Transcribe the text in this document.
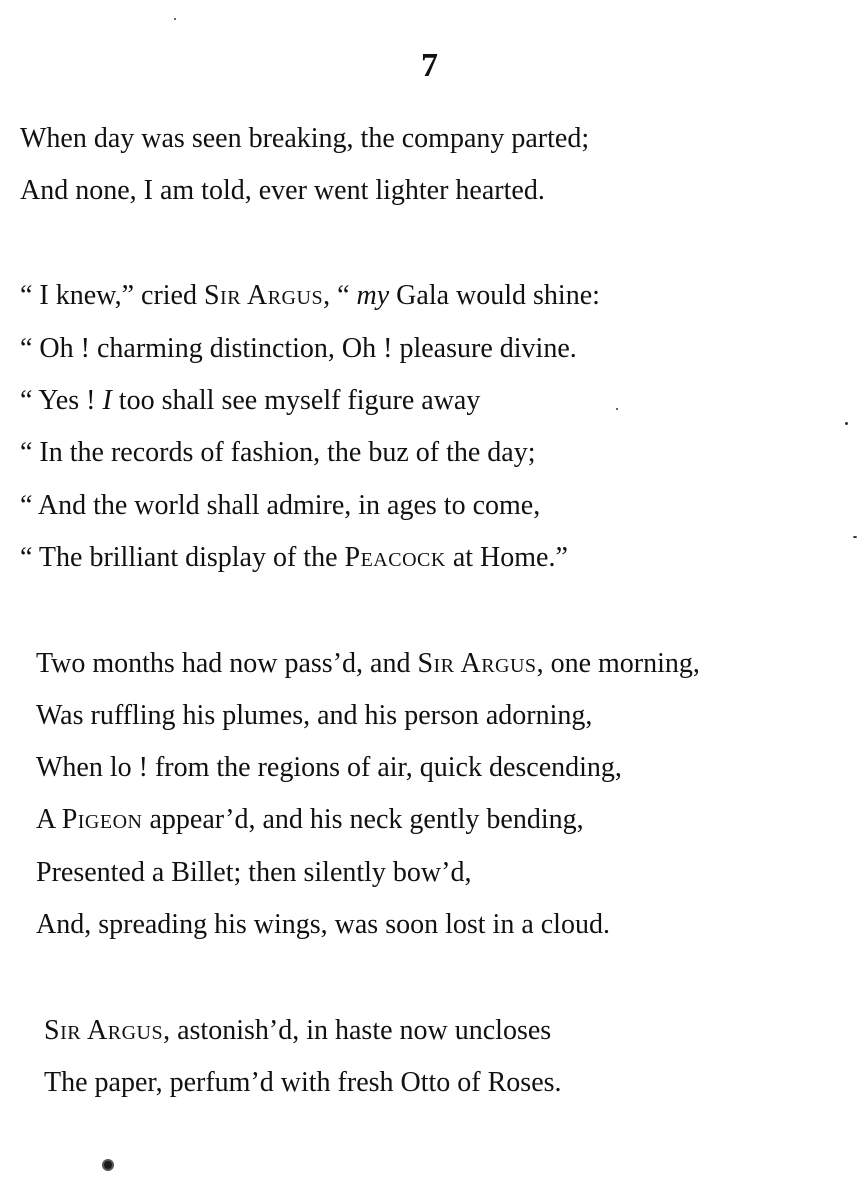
7
When day was seen breaking, the company parted;
And none, I am told, ever went lighter hearted.
“ I knew,” cried Sir Argus, “ my Gala would shine:
“ Oh ! charming distinction, Oh ! pleasure divine.
“ Yes ! I too shall see myself figure away
“ In the records of fashion, the buz of the day;
“ And the world shall admire, in ages to come,
“ The brilliant display of the Peacock at Home.”
Two months had now pass’d, and Sir Argus, one morning,
Was ruffling his plumes, and his person adorning,
When lo ! from the regions of air, quick descending,
A Pigeon appear’d, and his neck gently bending,
Presented a Billet; then silently bow’d,
And, spreading his wings, was soon lost in a cloud.
Sir Argus, astonish’d, in haste now uncloses
The paper, perfum’d with fresh Otto of Roses.
